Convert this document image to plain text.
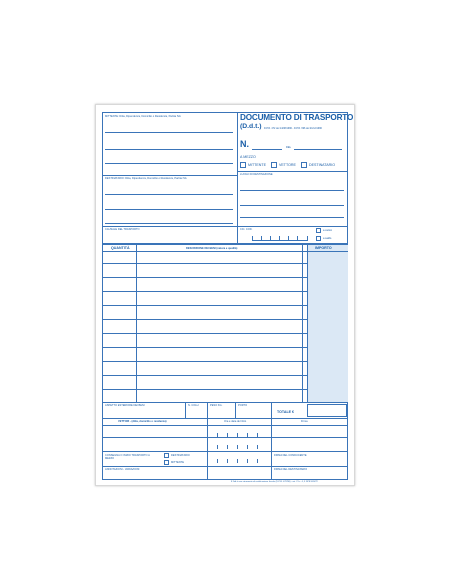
MITTENTE: Ditta, Dipendenza, Domicilio o Residenza, Partita IVA	DOCUMENTO DI TRASPORTO
(D.d.t.) D.P.R. 472 del 14/08/1996 - D.P.R. 696 del 21/12/1996
N.	DEL
A MEZZO
MITTENTE	VETTORE	DESTINATARIO
DESTINATARIO: Ditta, Dipendenza, Domicilio o Residenza, Partita IVA
LUOGO DI DESTINAZIONE
CAUSALE DEL TRASPORTO	CIC. COD.	a carico
a saldo
QUANTITÀ	DESCRIZIONE DEI BENI (natura e qualità)	IMPORTO
ASPETTO ESTERIORE DEI BENI	N. COLLI	PESO KG.	PORTO
TOTALE €
VETTORI - (ditta, domicilio o residenza)	Ora e data del ritiro	Firma
CONSEGNA O INIZIO TRASPORTO A MEZZO
DESTINATARIO
MITTENTE
FIRMA DEL CONDUCENTE
ANNOTAZIONI - VARIAZIONI	FIRMA DEL DESTINATARIO
Il Ddt è uno strumento di certificazione fiscale (D.P.R. 472/96) - art. 21 c. 4, 3 DPR 633/72
